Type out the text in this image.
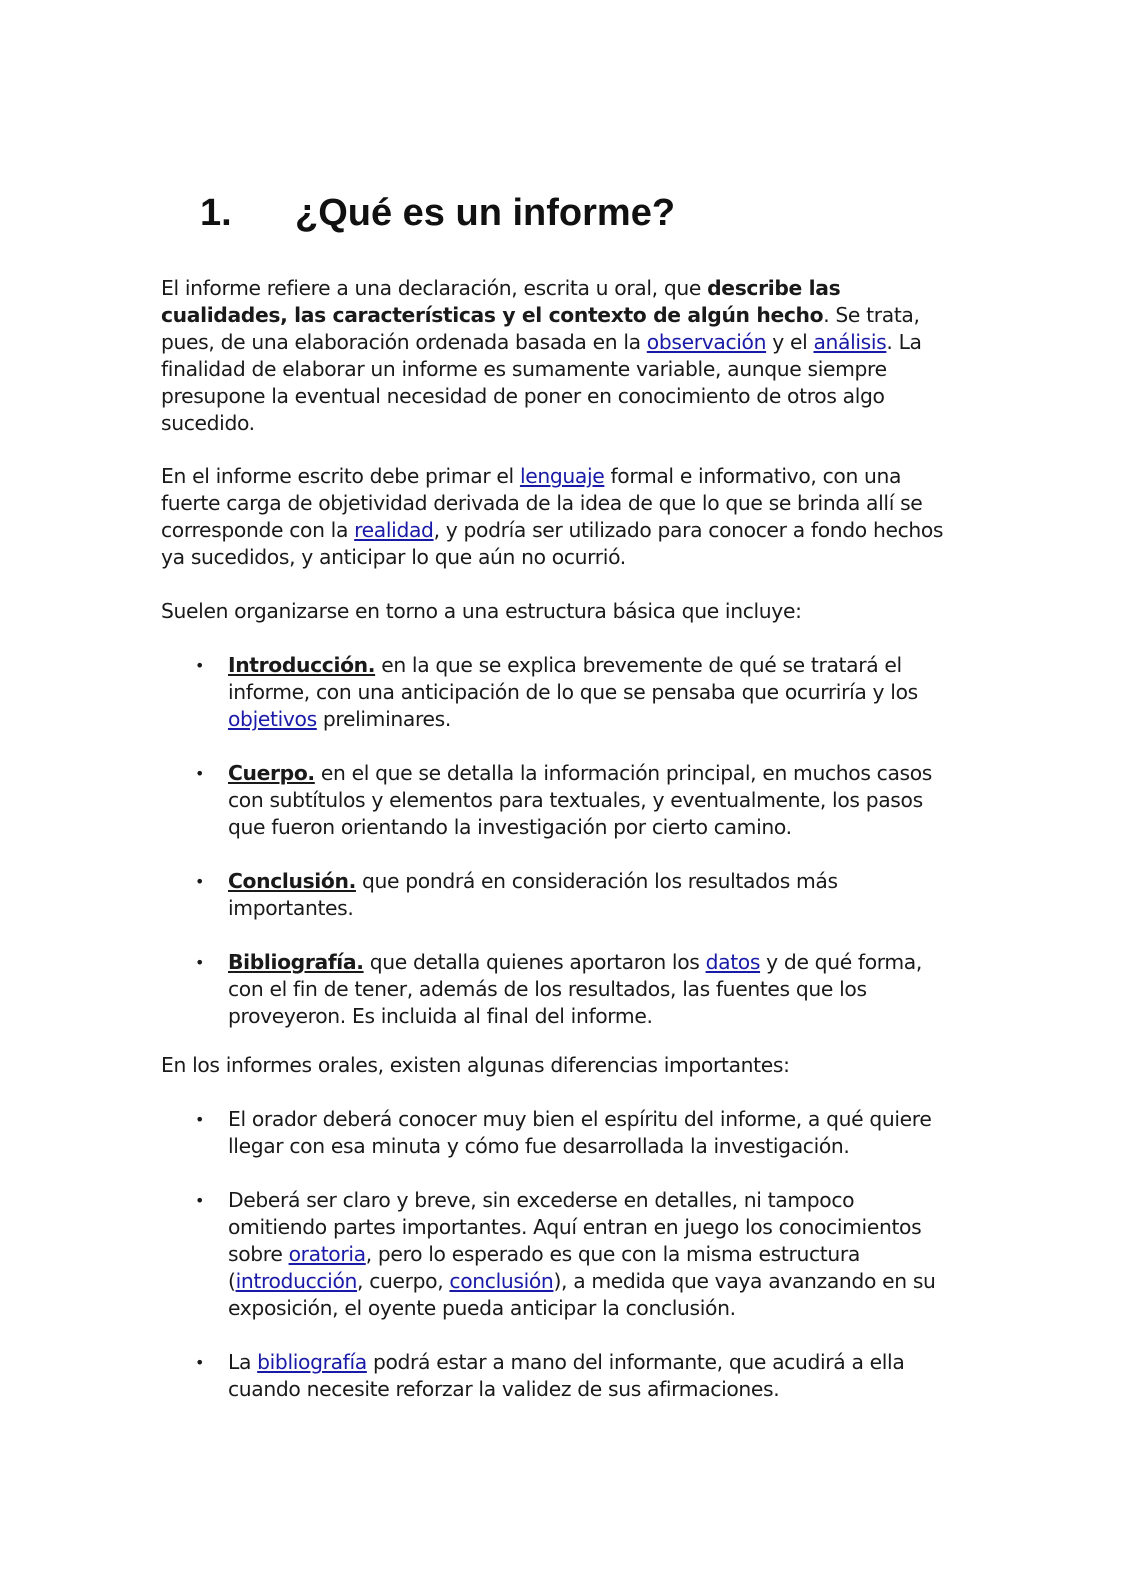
1. ¿Qué es un informe?

El informe refiere a una declaración, escrita u oral, que describe las cualidades, las características y el contexto de algún hecho. Se trata, pues, de una elaboración ordenada basada en la observación y el análisis. La finalidad de elaborar un informe es sumamente variable, aunque siempre presupone la eventual necesidad de poner en conocimiento de otros algo sucedido.

En el informe escrito debe primar el lenguaje formal e informativo, con una fuerte carga de objetividad derivada de la idea de que lo que se brinda allí se corresponde con la realidad, y podría ser utilizado para conocer a fondo hechos ya sucedidos, y anticipar lo que aún no ocurrió.

Suelen organizarse en torno a una estructura básica que incluye:

• Introducción. en la que se explica brevemente de qué se tratará el informe, con una anticipación de lo que se pensaba que ocurriría y los objetivos preliminares.
• Cuerpo. en el que se detalla la información principal, en muchos casos con subtítulos y elementos para textuales, y eventualmente, los pasos que fueron orientando la investigación por cierto camino.
• Conclusión. que pondrá en consideración los resultados más importantes.
• Bibliografía. que detalla quienes aportaron los datos y de qué forma, con el fin de tener, además de los resultados, las fuentes que los proveyeron. Es incluida al final del informe.

En los informes orales, existen algunas diferencias importantes:

• El orador deberá conocer muy bien el espíritu del informe, a qué quiere llegar con esa minuta y cómo fue desarrollada la investigación.
• Deberá ser claro y breve, sin excederse en detalles, ni tampoco omitiendo partes importantes. Aquí entran en juego los conocimientos sobre oratoria, pero lo esperado es que con la misma estructura (introducción, cuerpo, conclusión), a medida que vaya avanzando en su exposición, el oyente pueda anticipar la conclusión.
• La bibliografía podrá estar a mano del informante, que acudirá a ella cuando necesite reforzar la validez de sus afirmaciones.
